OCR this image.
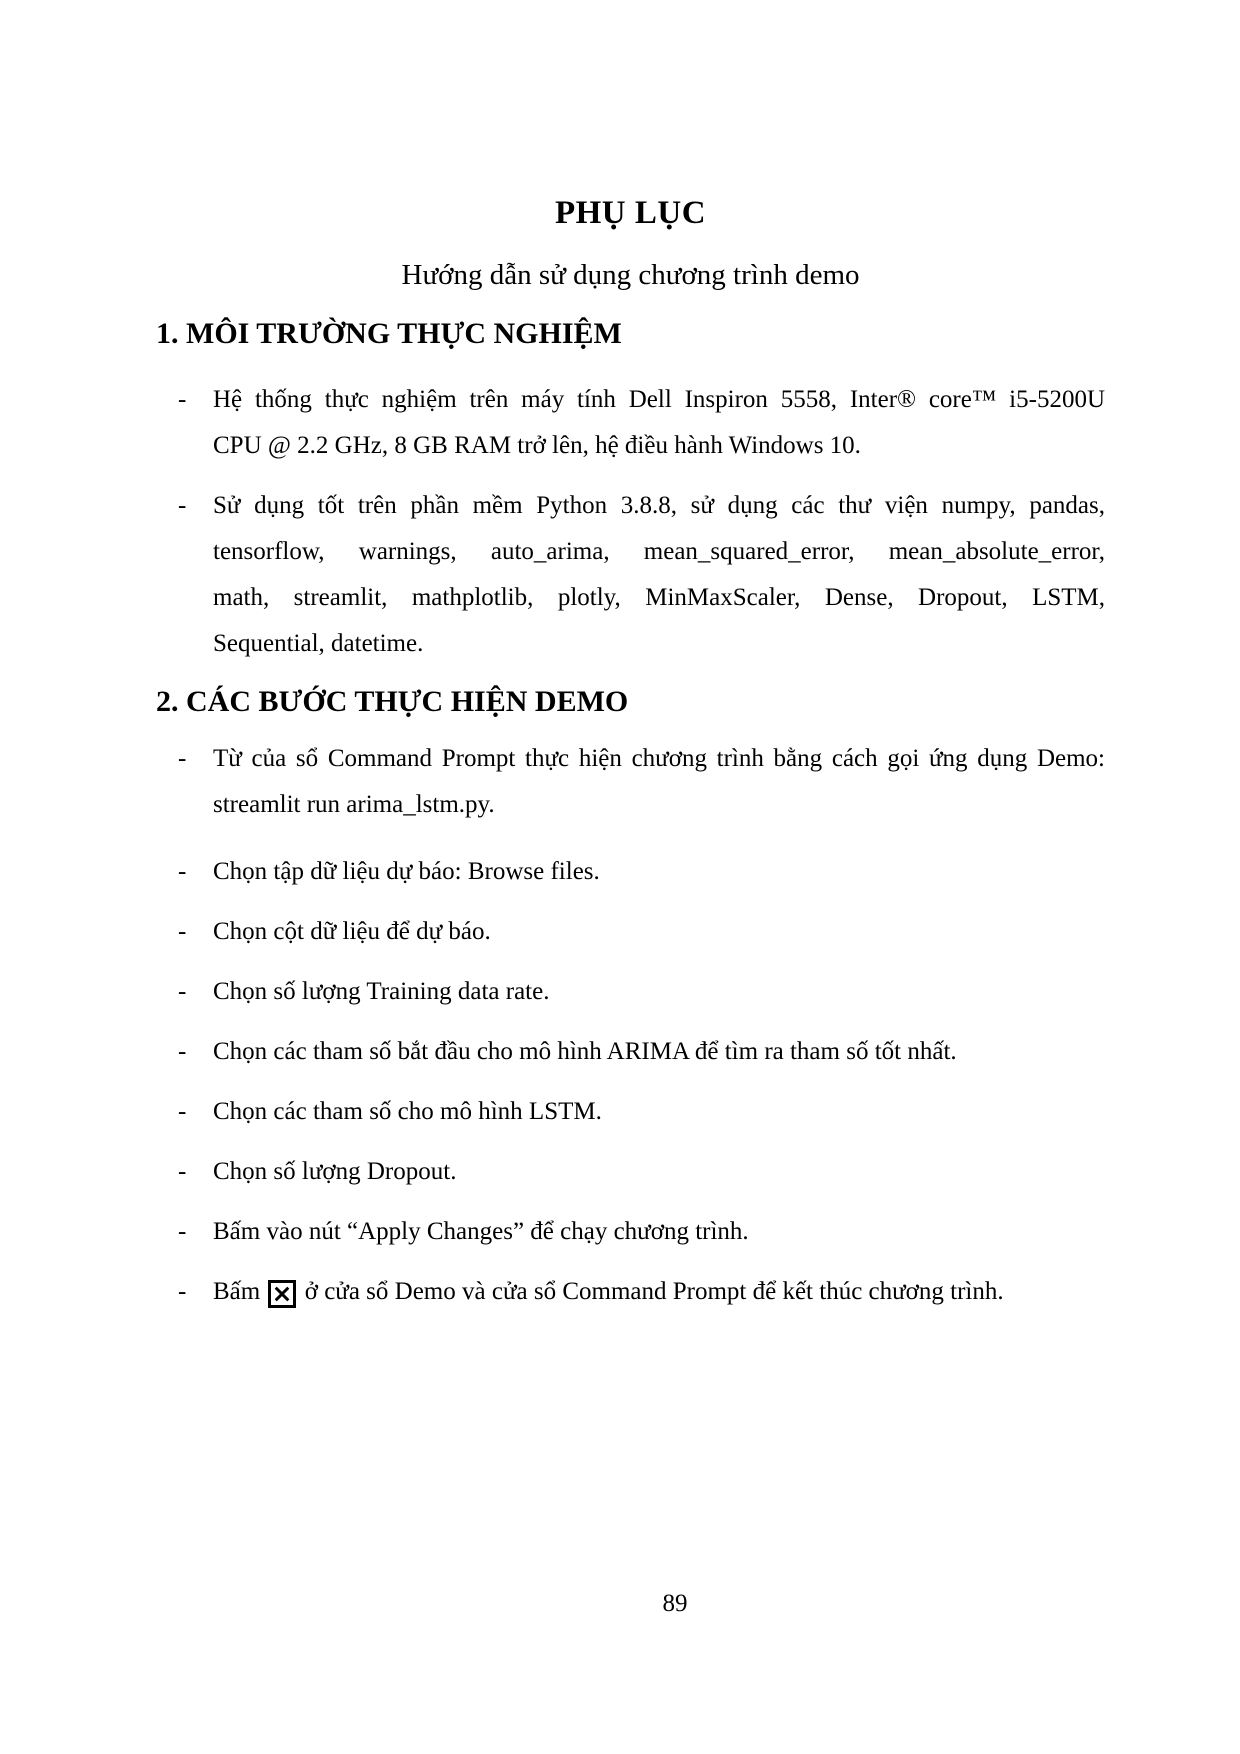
PHỤ LỤC
Hướng dẫn sử dụng chương trình demo
1. MÔI TRƯỜNG THỰC NGHIỆM
- Hệ thống thực nghiệm trên máy tính Dell Inspiron 5558, Inter® core™ i5-5200U
CPU @ 2.2 GHz, 8 GB RAM trở lên, hệ điều hành Windows 10.
- Sử dụng tốt trên phần mềm Python 3.8.8, sử dụng các thư viện numpy, pandas,
tensorflow, warnings, auto_arima, mean_squared_error, mean_absolute_error,
math, streamlit, mathplotlib, plotly, MinMaxScaler, Dense, Dropout, LSTM,
Sequential, datetime.
2. CÁC BƯỚC THỰC HIỆN DEMO
- Từ của sổ Command Prompt thực hiện chương trình bằng cách gọi ứng dụng Demo:
streamlit run arima_lstm.py.
- Chọn tập dữ liệu dự báo: Browse files.
- Chọn cột dữ liệu để dự báo.
- Chọn số lượng Training data rate.
- Chọn các tham số bắt đầu cho mô hình ARIMA để tìm ra tham số tốt nhất.
- Chọn các tham số cho mô hình LSTM.
- Chọn số lượng Dropout.
- Bấm vào nút “Apply Changes” để chạy chương trình.
- Bấm
ở cửa sổ Demo và cửa sổ Command Prompt để kết thúc chương trình.
89
